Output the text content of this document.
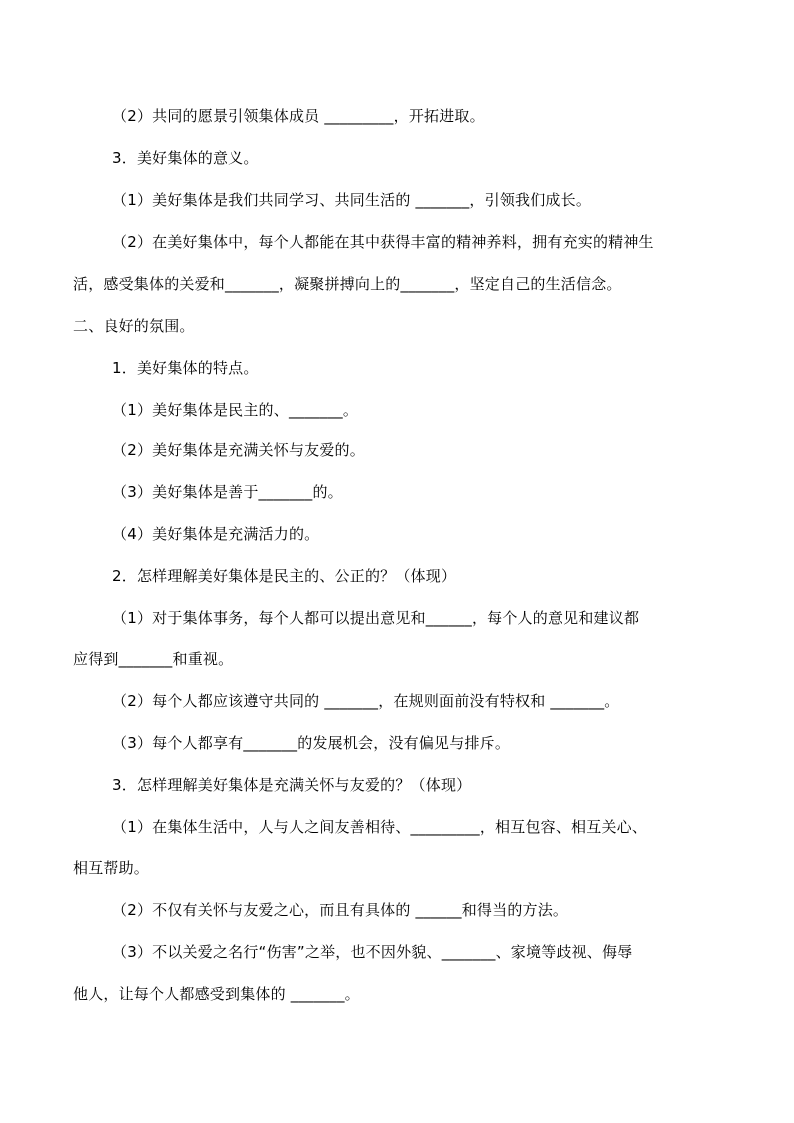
（2）共同的愿景引领集体成员 _________，开拓进取。
3．美好集体的意义。
（1）美好集体是我们共同学习、共同生活的 _______，引领我们成长。
（2）在美好集体中，每个人都能在其中获得丰富的精神养料，拥有充实的精神生
活，感受集体的关爱和_______，凝聚拼搏向上的_______，坚定自己的生活信念。
二、良好的氛围。
1．美好集体的特点。
（1）美好集体是民主的、_______。
（2）美好集体是充满关怀与友爱的。
（3）美好集体是善于_______的。
（4）美好集体是充满活力的。
2．怎样理解美好集体是民主的、公正的？（体现）
（1）对于集体事务，每个人都可以提出意见和______，每个人的意见和建议都
应得到_______和重视。
（2）每个人都应该遵守共同的 _______，在规则面前没有特权和 _______。
（3）每个人都享有_______的发展机会，没有偏见与排斥。
3．怎样理解美好集体是充满关怀与友爱的？（体现）
（1）在集体生活中，人与人之间友善相待、_________，相互包容、相互关心、
相互帮助。
（2）不仅有关怀与友爱之心，而且有具体的 ______和得当的方法。
（3）不以关爱之名行“伤害”之举，也不因外貌、_______、家境等歧视、侮辱
他人，让每个人都感受到集体的 _______。
